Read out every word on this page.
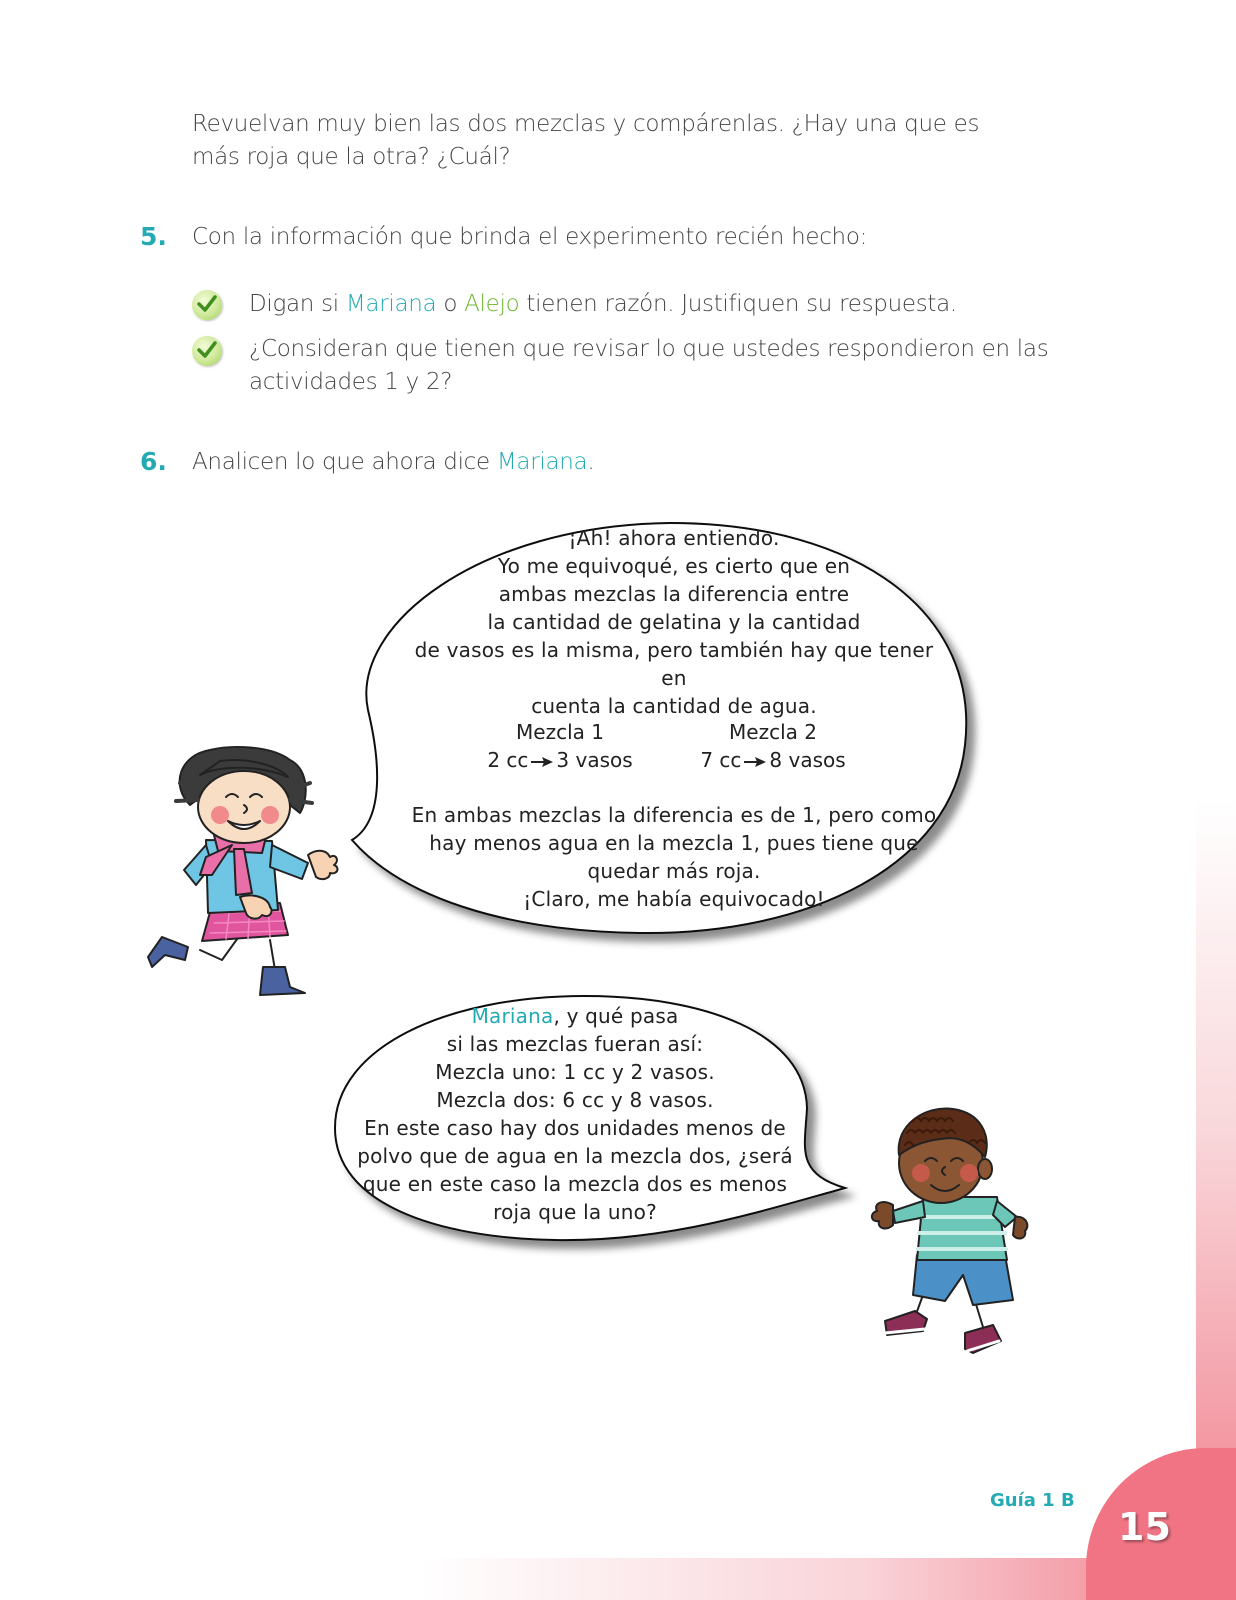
15
Guía 1 B
Revuelvan muy bien las dos mezclas y compárenlas. ¿Hay una que es
más roja que la otra? ¿Cuál?
5. Con la información que brinda el experimento recién hecho:
Digan si Mariana o Alejo tienen razón. Justifiquen su respuesta.
¿Consideran que tienen que revisar lo que ustedes respondieron en las
actividades 1 y 2?
6. Analicen lo que ahora dice Mariana.
¡Ah! ahora entiendo.
Yo me equivoqué, es cierto que en
ambas mezclas la diferencia entre
la cantidad de gelatina y la cantidad
de vasos es la misma, pero también hay que tener en
cuenta la cantidad de agua.
Mezcla 1
2 cc 3 vasos
Mezcla 2
7 cc 8 vasos
En ambas mezclas la diferencia es de 1, pero como
hay menos agua en la mezcla 1, pues tiene que
quedar más roja.
¡Claro, me había equivocado!
Mariana, y qué pasa
si las mezclas fueran así:
Mezcla uno: 1 cc y 2 vasos.
Mezcla dos: 6 cc y 8 vasos.
En este caso hay dos unidades menos de
polvo que de agua en la mezcla dos, ¿será
que en este caso la mezcla dos es menos
roja que la uno?
